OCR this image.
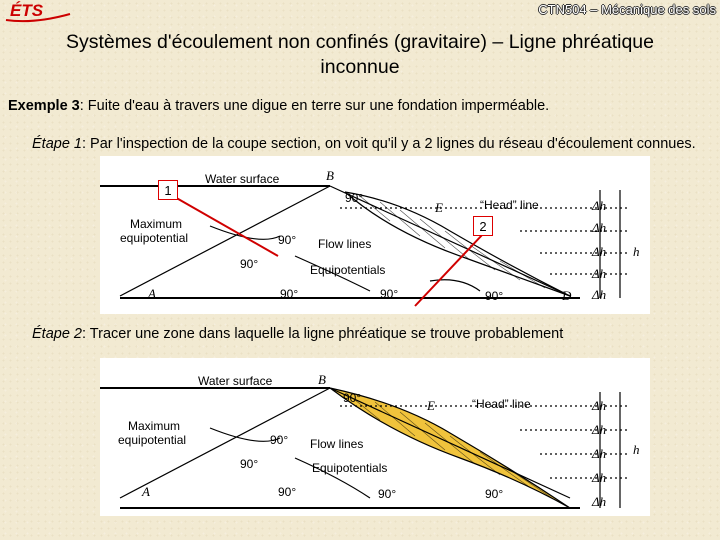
ÉTS	CTN504 – Mécanique des sols
Systèmes d'écoulement non confinés (gravitaire) – Ligne phréatique
inconnue
Exemple 3: Fuite d'eau à travers une digue en terre sur une fondation imperméable.
Étape 1: Par l'inspection de la coupe section, on voit qu'il y a 2 lignes du réseau d'écoulement connues.
Water surface	B
90°
E	“Head” line
Maximum
equipotential	90° Flow lines
90°	Equipotentials
A	90°	90°	90°	D
Δh
Δh
Δh
Δh
Δh
h
1
2
Étape 2: Tracer une zone dans laquelle la ligne phréatique se trouve probablement
Water surface	B
90°	E	“Head” line
Maximum
equipotential	90° Flow lines
90°	Equipotentials
A	90°	90°	90°
Δh
Δh
Δh
Δh
Δh
h
